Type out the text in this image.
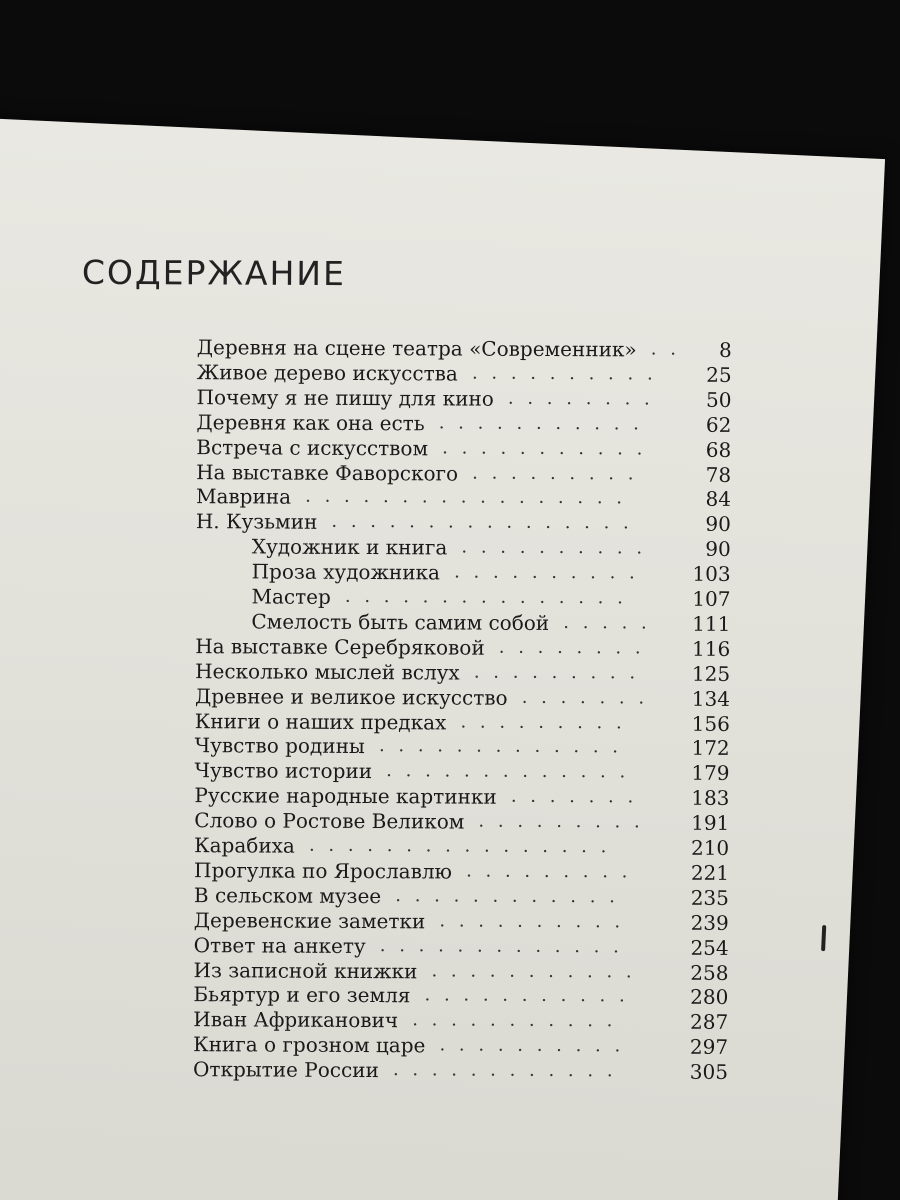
СОДЕРЖАНИЕ
Деревня на сцене театра «Современник» . .	8
Живое дерево искусства . . . . . . . . . .	25
Почему я не пишу для кино . . . . . . . .	50
Деревня как она есть . . . . . . . . . . .	62
Встреча с искусством . . . . . . . . . . .	68
На выставке Фаворского . . . . . . . . .	78
Маврина . . . . . . . . . . . . . . . . .	84
Н. Кузьмин . . . . . . . . . . . . . . . .	90
Художник и книга . . . . . . . . . .	90
Проза художника . . . . . . . . . .	103
Мастер . . . . . . . . . . . . . . .	107
Смелость быть самим собой . . . . .	111
На выставке Серебряковой . . . . . . . .	116
Несколько мыслей вслух . . . . . . . . .	125
Древнее и великое искусство . . . . . . .	134
Книги о наших предках . . . . . . . . .	156
Чувство родины . . . . . . . . . . . . .	172
Чувство истории . . . . . . . . . . . . .	179
Русские народные картинки . . . . . . .	183
Слово о Ростове Великом . . . . . . . . .	191
Карабиха . . . . . . . . . . . . . . . .	210
Прогулка по Ярославлю . . . . . . . . .	221
В сельском музее . . . . . . . . . . . .	235
Деревенские заметки . . . . . . . . . .	239
Ответ на анкету . . . . . . . . . . . . .	254
Из записной книжки . . . . . . . . . . .	258
Бьяртур и его земля . . . . . . . . . . .	280
Иван Африканович . . . . . . . . . . .	287
Книга о грозном царе . . . . . . . . . .	297
Открытие России . . . . . . . . . . . .	305
